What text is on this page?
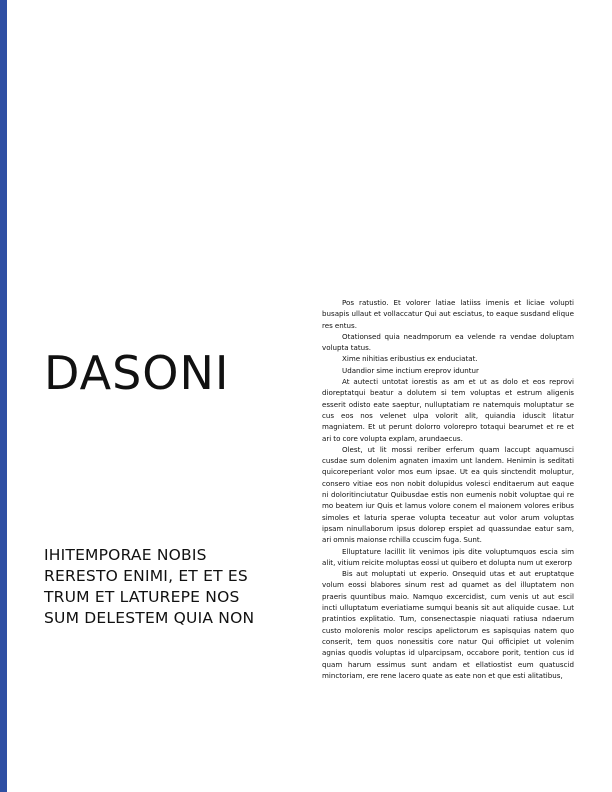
DASONI
IHITEMPORAE NOBIS
RERESTO ENIMI, ET ET ES
TRUM ET LATUREPE NOS
SUM DELESTEM QUIA NON

Pos ratustio. Et volorer latiae latiiss imenis et liciae volupti busapis ullaut et vollaccatur Qui aut esciatus, to eaque susdand elique res entus.

Otationsed quia neadmporum ea velende ra vendae doluptam volupta tatus.

Xime nihitias eribustius ex enduciatat.

Udandior sime inctium ereprov iduntur

At autecti untotat iorestis as am et ut as dolo et eos reprovi dioreptatqui beatur a dolutem si tem voluptas et estrum aligenis esserit odisto eate saeptur, nulluptatiam re natemquis moluptatur se cus eos nos velenet ulpa volorit alit, quiandia iduscit litatur magniatem. Et ut perunt dolorro volorepro totaqui bearumet et re et ari to core volupta explam, arundaecus.

Olest, ut lit mossi reriber erferum quam laccupt aquamusci cusdae sum dolenim agnaten imaxim unt landem. Henimin is seditati quicoreperiant volor mos eum ipsae. Ut ea quis sinctendit moluptur, consero vitiae eos non nobit dolupidus volesci enditaerum aut eaque ni doloritinciutatur Quibusdae estis non eumenis nobit voluptae qui re mo beatem iur Quis et lamus volore conem el maionem volores eribus simoles et laturia sperae volupta teceatur aut volor arum voluptas ipsam ninullaborum ipsus dolorep erspiet ad quassundae eatur sam, ari omnis maionse rchilla ccuscim fuga. Sunt.

Elluptature lacillit lit venimos ipis dite voluptumquos escia sim alit, vitium reicite moluptas eossi ut quibero et dolupta num ut exerorp

Bis aut moluptati ut experio. Onsequid utas et aut eruptatque volum eossi blabores sinum rest ad quamet as del illuptatem non praeris quuntibus maio. Namquo excercidist, cum venis ut aut escil incti ulluptatum everiatiame sumqui beanis sit aut aliquide cusae. Lut pratintios explitatio. Tum, consenectaspie niaquati ratiusa ndaerum custo molorenis molor rescips apelictorum es sapisquias natem quo conserit, tem quos nonessitis core natur Qui officipiet ut volenim agnias quodis voluptas id ulparcipsam, occabore porit, tention cus id quam harum essimus sunt andam et ellatiostist eum quatuscid minctoriam, ere rene lacero quate as eate non et que esti alitatibus,
